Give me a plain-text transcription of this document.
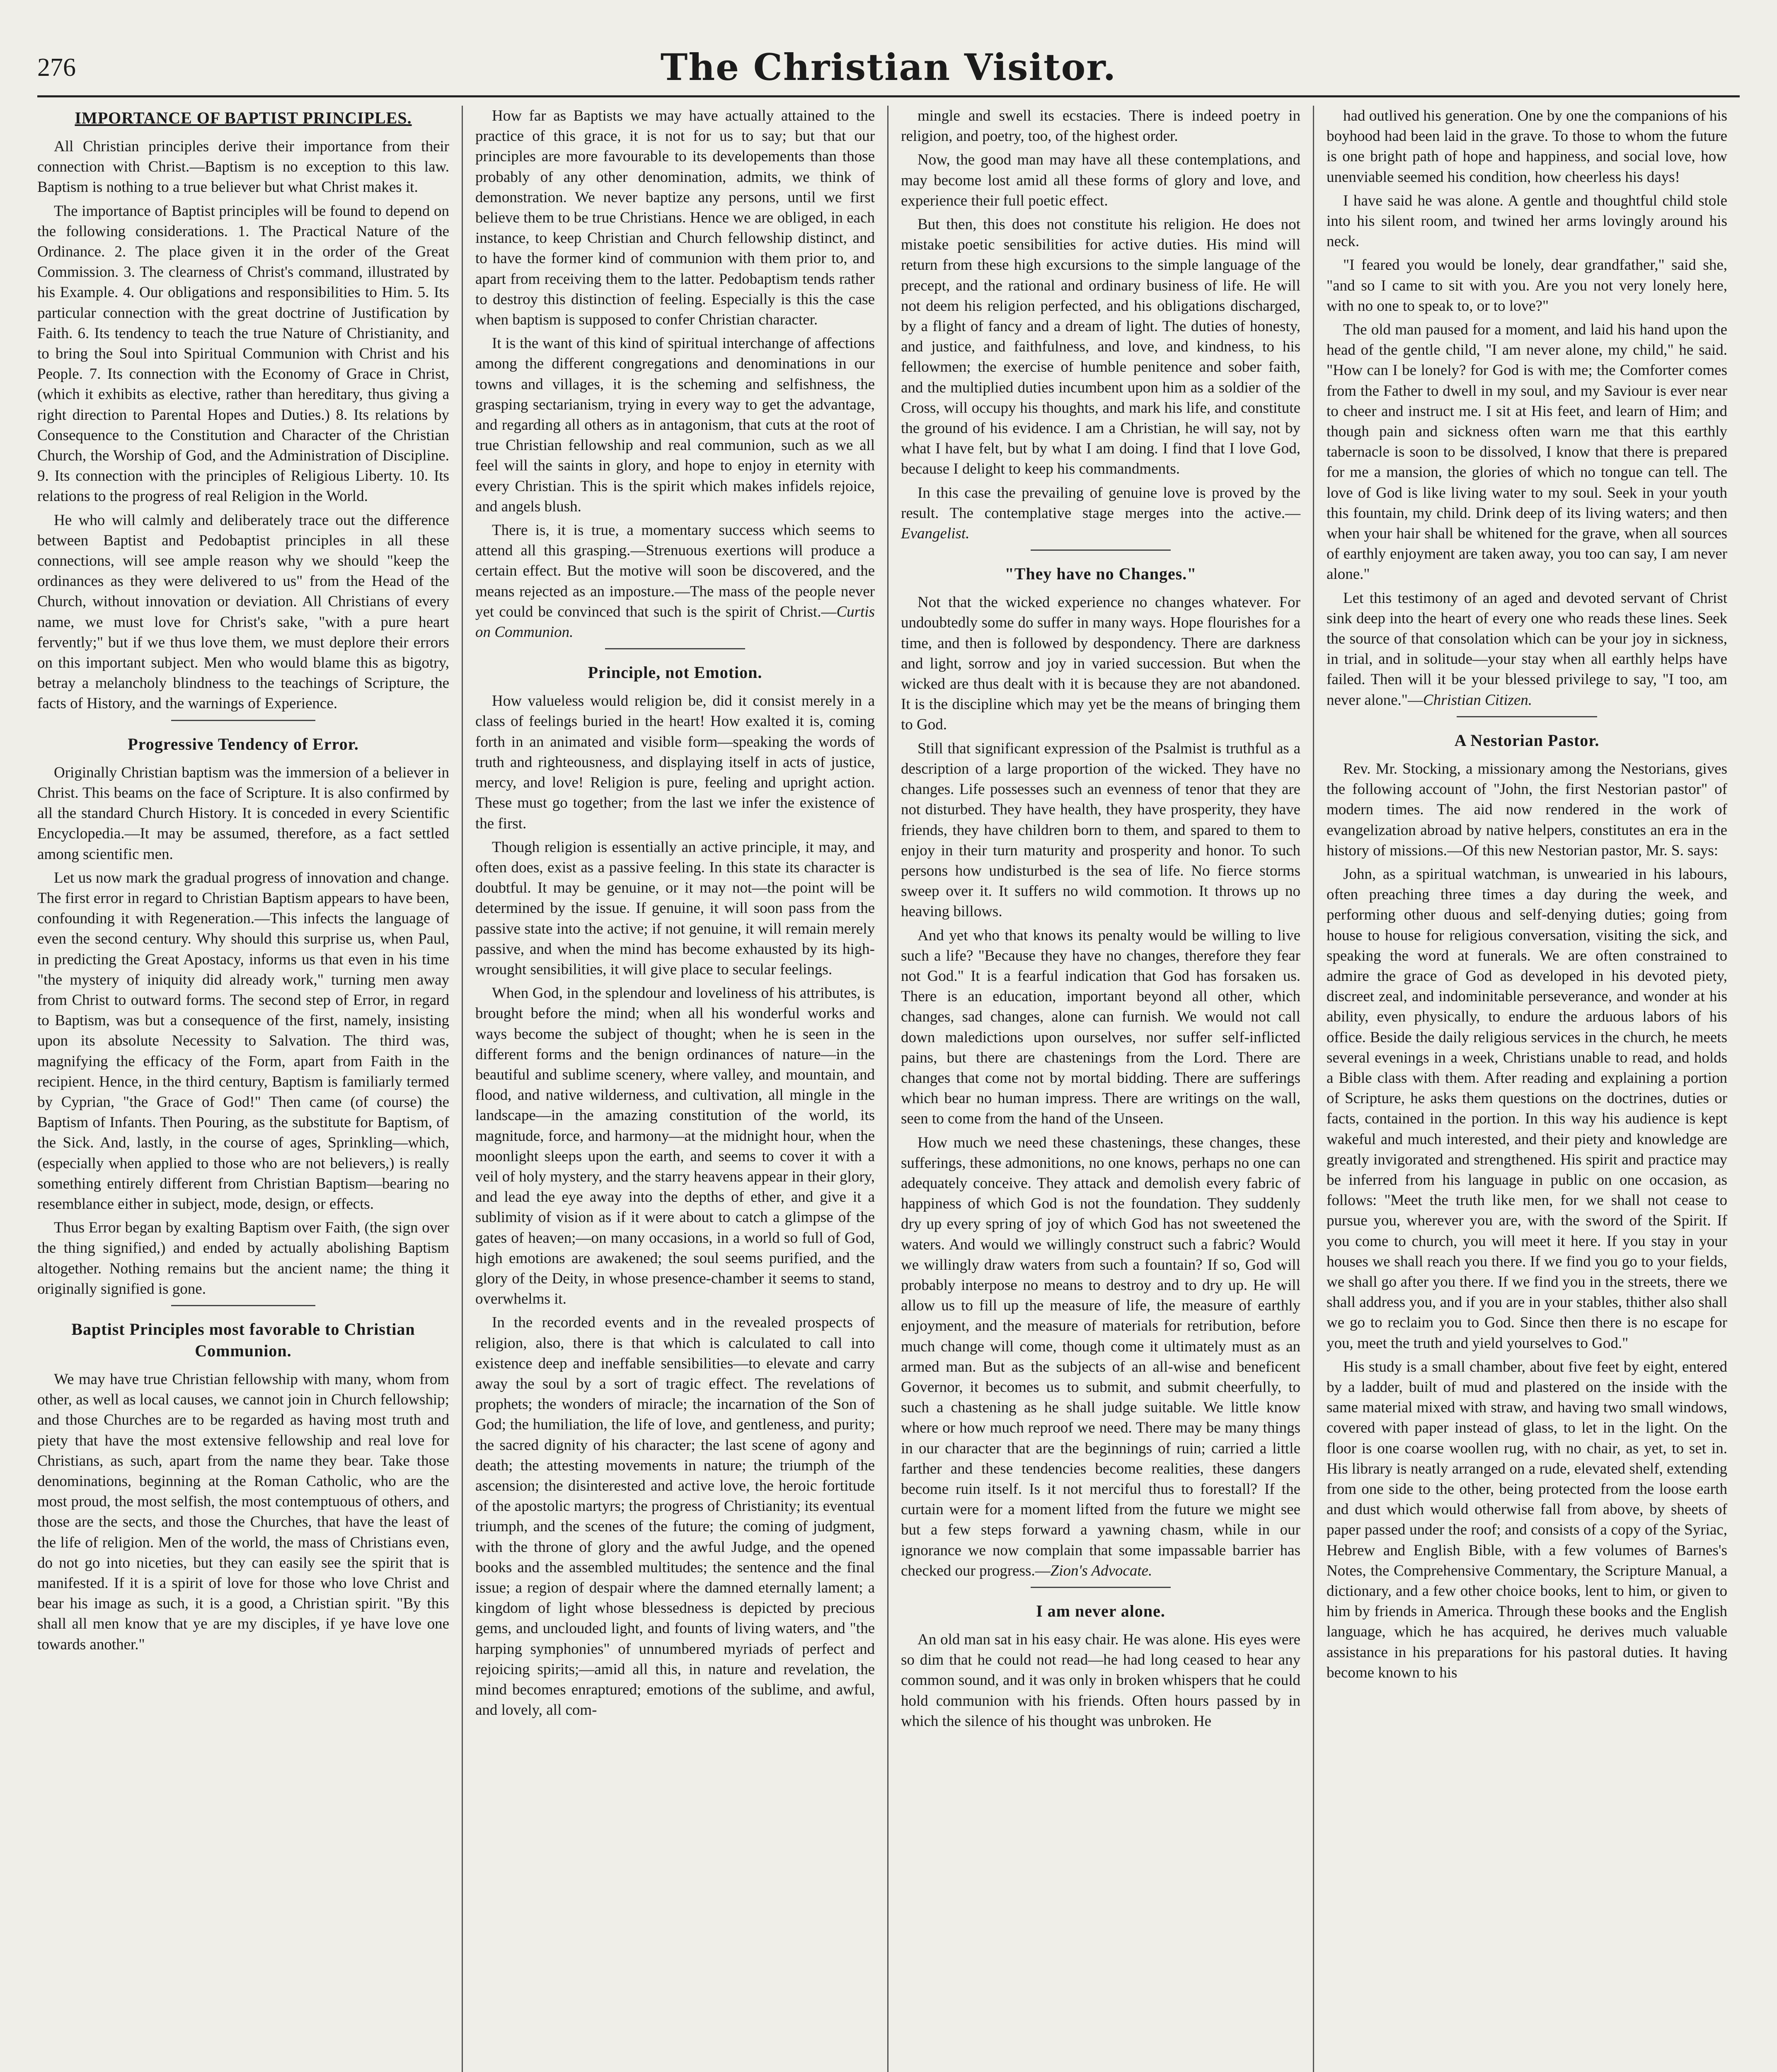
276	The Christian Visitor.
IMPORTANCE OF BAPTIST PRINCIPLES.

All Christian principles derive their importance from their connection with Christ.—Baptism is no exception to this law. Baptism is nothing to a true believer but what Christ makes it.

The importance of Baptist principles will be found to depend on the following considerations. 1. The Practical Nature of the Ordinance. 2. The place given it in the order of the Great Commission. 3. The clearness of Christ's command, illustrated by his Example. 4. Our obligations and responsibilities to Him. 5. Its particular connection with the great doctrine of Justification by Faith. 6. Its tendency to teach the true Nature of Christianity, and to bring the Soul into Spiritual Communion with Christ and his People. 7. Its connection with the Economy of Grace in Christ, (which it exhibits as elective, rather than hereditary, thus giving a right direction to Parental Hopes and Duties.) 8. Its relations by Consequence to the Constitution and Character of the Christian Church, the Worship of God, and the Administration of Discipline. 9. Its connection with the principles of Religious Liberty. 10. Its relations to the progress of real Religion in the World.

He who will calmly and deliberately trace out the difference between Baptist and Pedobaptist principles in all these connections, will see ample reason why we should "keep the ordinances as they were delivered to us" from the Head of the Church, without innovation or deviation. All Christians of every name, we must love for Christ's sake, "with a pure heart fervently;" but if we thus love them, we must deplore their errors on this important subject. Men who would blame this as bigotry, betray a melancholy blindness to the teachings of Scripture, the facts of History, and the warnings of Experience.

Progressive Tendency of Error.

Originally Christian baptism was the immersion of a believer in Christ. This beams on the face of Scripture. It is also confirmed by all the standard Church History. It is conceded in every Scientific Encyclopedia.—It may be assumed, therefore, as a fact settled among scientific men.

Let us now mark the gradual progress of innovation and change. The first error in regard to Christian Baptism appears to have been, confounding it with Regeneration.—This infects the language of even the second century. Why should this surprise us, when Paul, in predicting the Great Apostacy, informs us that even in his time "the mystery of iniquity did already work," turning men away from Christ to outward forms. The second step of Error, in regard to Baptism, was but a consequence of the first, namely, insisting upon its absolute Necessity to Salvation. The third was, magnifying the efficacy of the Form, apart from Faith in the recipient. Hence, in the third century, Baptism is familiarly termed by Cyprian, "the Grace of God!" Then came (of course) the Baptism of Infants. Then Pouring, as the substitute for Baptism, of the Sick. And, lastly, in the course of ages, Sprinkling—which, (especially when applied to those who are not believers,) is really something entirely different from Christian Baptism—bearing no resemblance either in subject, mode, design, or effects.

Thus Error began by exalting Baptism over Faith, (the sign over the thing signified,) and ended by actually abolishing Baptism altogether. Nothing remains but the ancient name; the thing it originally signified is gone.

Baptist Principles most favorable to Christian Communion.

We may have true Christian fellowship with many, whom from other, as well as local causes, we cannot join in Church fellowship; and those Churches are to be regarded as having most truth and piety that have the most extensive fellowship and real love for Christians, as such, apart from the name they bear. Take those denominations, beginning at the Roman Catholic, who are the most proud, the most selfish, the most contemptuous of others, and those are the sects, and those the Churches, that have the least of the life of religion. Men of the world, the mass of Christians even, do not go into niceties, but they can easily see the spirit that is manifested. If it is a spirit of love for those who love Christ and bear his image as such, it is a good, a Christian spirit. "By this shall all men know that ye are my disciples, if ye have love one towards another."

How far as Baptists we may have actually attained to the practice of this grace, it is not for us to say; but that our principles are more favourable to its developements than those probably of any other denomination, admits, we think of demonstration. We never baptize any persons, until we first believe them to be true Christians. Hence we are obliged, in each instance, to keep Christian and Church fellowship distinct, and to have the former kind of communion with them prior to, and apart from receiving them to the latter. Pedobaptism tends rather to destroy this distinction of feeling. Especially is this the case when baptism is supposed to confer Christian character.

It is the want of this kind of spiritual interchange of affections among the different congregations and denominations in our towns and villages, it is the scheming and selfishness, the grasping sectarianism, trying in every way to get the advantage, and regarding all others as in antagonism, that cuts at the root of true Christian fellowship and real communion, such as we all feel will the saints in glory, and hope to enjoy in eternity with every Christian. This is the spirit which makes infidels rejoice, and angels blush.

There is, it is true, a momentary success which seems to attend all this grasping.—Strenuous exertions will produce a certain effect. But the motive will soon be discovered, and the means rejected as an imposture.—The mass of the people never yet could be convinced that such is the spirit of Christ.—Curtis on Communion.

Principle, not Emotion.

How valueless would religion be, did it consist merely in a class of feelings buried in the heart! How exalted it is, coming forth in an animated and visible form—speaking the words of truth and righteousness, and displaying itself in acts of justice, mercy, and love! Religion is pure, feeling and upright action. These must go together; from the last we infer the existence of the first.

Though religion is essentially an active principle, it may, and often does, exist as a passive feeling. In this state its character is doubtful. It may be genuine, or it may not—the point will be determined by the issue. If genuine, it will soon pass from the passive state into the active; if not genuine, it will remain merely passive, and when the mind has become exhausted by its high-wrought sensibilities, it will give place to secular feelings.

When God, in the splendour and loveliness of his attributes, is brought before the mind; when all his wonderful works and ways become the subject of thought; when he is seen in the different forms and the benign ordinances of nature—in the beautiful and sublime scenery, where valley, and mountain, and flood, and native wilderness, and cultivation, all mingle in the landscape—in the amazing constitution of the world, its magnitude, force, and harmony—at the midnight hour, when the moonlight sleeps upon the earth, and seems to cover it with a veil of holy mystery, and the starry heavens appear in their glory, and lead the eye away into the depths of ether, and give it a sublimity of vision as if it were about to catch a glimpse of the gates of heaven;—on many occasions, in a world so full of God, high emotions are awakened; the soul seems purified, and the glory of the Deity, in whose presence-chamber it seems to stand, overwhelms it.

In the recorded events and in the revealed prospects of religion, also, there is that which is calculated to call into existence deep and ineffable sensibilities—to elevate and carry away the soul by a sort of tragic effect. The revelations of prophets; the wonders of miracle; the incarnation of the Son of God; the humiliation, the life of love, and gentleness, and purity; the sacred dignity of his character; the last scene of agony and death; the attesting movements in nature; the triumph of the ascension; the disinterested and active love, the heroic fortitude of the apostolic martyrs; the progress of Christianity; its eventual triumph, and the scenes of the future; the coming of judgment, with the throne of glory and the awful Judge, and the opened books and the assembled multitudes; the sentence and the final issue; a region of despair where the damned eternally lament; a kingdom of light whose blessedness is depicted by precious gems, and unclouded light, and founts of living waters, and "the harping symphonies" of unnumbered myriads of perfect and rejoicing spirits;—amid all this, in nature and revelation, the mind becomes enraptured; emotions of the sublime, and awful, and lovely, all com-

mingle and swell its ecstacies. There is indeed poetry in religion, and poetry, too, of the highest order.

Now, the good man may have all these contemplations, and may become lost amid all these forms of glory and love, and experience their full poetic effect.

But then, this does not constitute his religion. He does not mistake poetic sensibilities for active duties. His mind will return from these high excursions to the simple language of the precept, and the rational and ordinary business of life. He will not deem his religion perfected, and his obligations discharged, by a flight of fancy and a dream of light. The duties of honesty, and justice, and faithfulness, and love, and kindness, to his fellowmen; the exercise of humble penitence and sober faith, and the multiplied duties incumbent upon him as a soldier of the Cross, will occupy his thoughts, and mark his life, and constitute the ground of his evidence. I am a Christian, he will say, not by what I have felt, but by what I am doing. I find that I love God, because I delight to keep his commandments.

In this case the prevailing of genuine love is proved by the result. The contemplative stage merges into the active.—Evangelist.

"They have no Changes."

Not that the wicked experience no changes whatever. For undoubtedly some do suffer in many ways. Hope flourishes for a time, and then is followed by despondency. There are darkness and light, sorrow and joy in varied succession. But when the wicked are thus dealt with it is because they are not abandoned. It is the discipline which may yet be the means of bringing them to God.

Still that significant expression of the Psalmist is truthful as a description of a large proportion of the wicked. They have no changes. Life possesses such an evenness of tenor that they are not disturbed. They have health, they have prosperity, they have friends, they have children born to them, and spared to them to enjoy in their turn maturity and prosperity and honor. To such persons how undisturbed is the sea of life. No fierce storms sweep over it. It suffers no wild commotion. It throws up no heaving billows.

And yet who that knows its penalty would be willing to live such a life? "Because they have no changes, therefore they fear not God." It is a fearful indication that God has forsaken us. There is an education, important beyond all other, which changes, sad changes, alone can furnish. We would not call down maledictions upon ourselves, nor suffer self-inflicted pains, but there are chastenings from the Lord. There are changes that come not by mortal bidding. There are sufferings which bear no human impress. There are writings on the wall, seen to come from the hand of the Unseen.

How much we need these chastenings, these changes, these sufferings, these admonitions, no one knows, perhaps no one can adequately conceive. They attack and demolish every fabric of happiness of which God is not the foundation. They suddenly dry up every spring of joy of which God has not sweetened the waters. And would we willingly construct such a fabric? Would we willingly draw waters from such a fountain? If so, God will probably interpose no means to destroy and to dry up. He will allow us to fill up the measure of life, the measure of earthly enjoyment, and the measure of materials for retribution, before much change will come, though come it ultimately must as an armed man. But as the subjects of an all-wise and beneficent Governor, it becomes us to submit, and submit cheerfully, to such a chastening as he shall judge suitable. We little know where or how much reproof we need. There may be many things in our character that are the beginnings of ruin; carried a little farther and these tendencies become realities, these dangers become ruin itself. Is it not merciful thus to forestall? If the curtain were for a moment lifted from the future we might see but a few steps forward a yawning chasm, while in our ignorance we now complain that some impassable barrier has checked our progress.—Zion's Advocate.

I am never alone.

An old man sat in his easy chair. He was alone. His eyes were so dim that he could not read—he had long ceased to hear any common sound, and it was only in broken whispers that he could hold communion with his friends. Often hours passed by in which the silence of his thought was unbroken. He

had outlived his generation. One by one the companions of his boyhood had been laid in the grave. To those to whom the future is one bright path of hope and happiness, and social love, how unenviable seemed his condition, how cheerless his days!

I have said he was alone. A gentle and thoughtful child stole into his silent room, and twined her arms lovingly around his neck.

"I feared you would be lonely, dear grandfather," said she, "and so I came to sit with you. Are you not very lonely here, with no one to speak to, or to love?"

The old man paused for a moment, and laid his hand upon the head of the gentle child, "I am never alone, my child," he said. "How can I be lonely? for God is with me; the Comforter comes from the Father to dwell in my soul, and my Saviour is ever near to cheer and instruct me. I sit at His feet, and learn of Him; and though pain and sickness often warn me that this earthly tabernacle is soon to be dissolved, I know that there is prepared for me a mansion, the glories of which no tongue can tell. The love of God is like living water to my soul. Seek in your youth this fountain, my child. Drink deep of its living waters; and then when your hair shall be whitened for the grave, when all sources of earthly enjoyment are taken away, you too can say, I am never alone."

Let this testimony of an aged and devoted servant of Christ sink deep into the heart of every one who reads these lines. Seek the source of that consolation which can be your joy in sickness, in trial, and in solitude—your stay when all earthly helps have failed. Then will it be your blessed privilege to say, "I too, am never alone."—Christian Citizen.

A Nestorian Pastor.

Rev. Mr. Stocking, a missionary among the Nestorians, gives the following account of "John, the first Nestorian pastor" of modern times. The aid now rendered in the work of evangelization abroad by native helpers, constitutes an era in the history of missions.—Of this new Nestorian pastor, Mr. S. says:

John, as a spiritual watchman, is unwearied in his labours, often preaching three times a day during the week, and performing other duous and self-denying duties; going from house to house for religious conversation, visiting the sick, and speaking the word at funerals. We are often constrained to admire the grace of God as developed in his devoted piety, discreet zeal, and indominitable perseverance, and wonder at his ability, even physically, to endure the arduous labors of his office. Beside the daily religious services in the church, he meets several evenings in a week, Christians unable to read, and holds a Bible class with them. After reading and explaining a portion of Scripture, he asks them questions on the doctrines, duties or facts, contained in the portion. In this way his audience is kept wakeful and much interested, and their piety and knowledge are greatly invigorated and strengthened. His spirit and practice may be inferred from his language in public on one occasion, as follows: "Meet the truth like men, for we shall not cease to pursue you, wherever you are, with the sword of the Spirit. If you come to church, you will meet it here. If you stay in your houses we shall reach you there. If we find you go to your fields, we shall go after you there. If we find you in the streets, there we shall address you, and if you are in your stables, thither also shall we go to reclaim you to God. Since then there is no escape for you, meet the truth and yield yourselves to God."

His study is a small chamber, about five feet by eight, entered by a ladder, built of mud and plastered on the inside with the same material mixed with straw, and having two small windows, covered with paper instead of glass, to let in the light. On the floor is one coarse woollen rug, with no chair, as yet, to set in. His library is neatly arranged on a rude, elevated shelf, extending from one side to the other, being protected from the loose earth and dust which would otherwise fall from above, by sheets of paper passed under the roof; and consists of a copy of the Syriac, Hebrew and English Bible, with a few volumes of Barnes's Notes, the Comprehensive Commentary, the Scripture Manual, a dictionary, and a few other choice books, lent to him, or given to him by friends in America. Through these books and the English language, which he has acquired, he derives much valuable assistance in his preparations for his pastoral duties. It having become known to his
